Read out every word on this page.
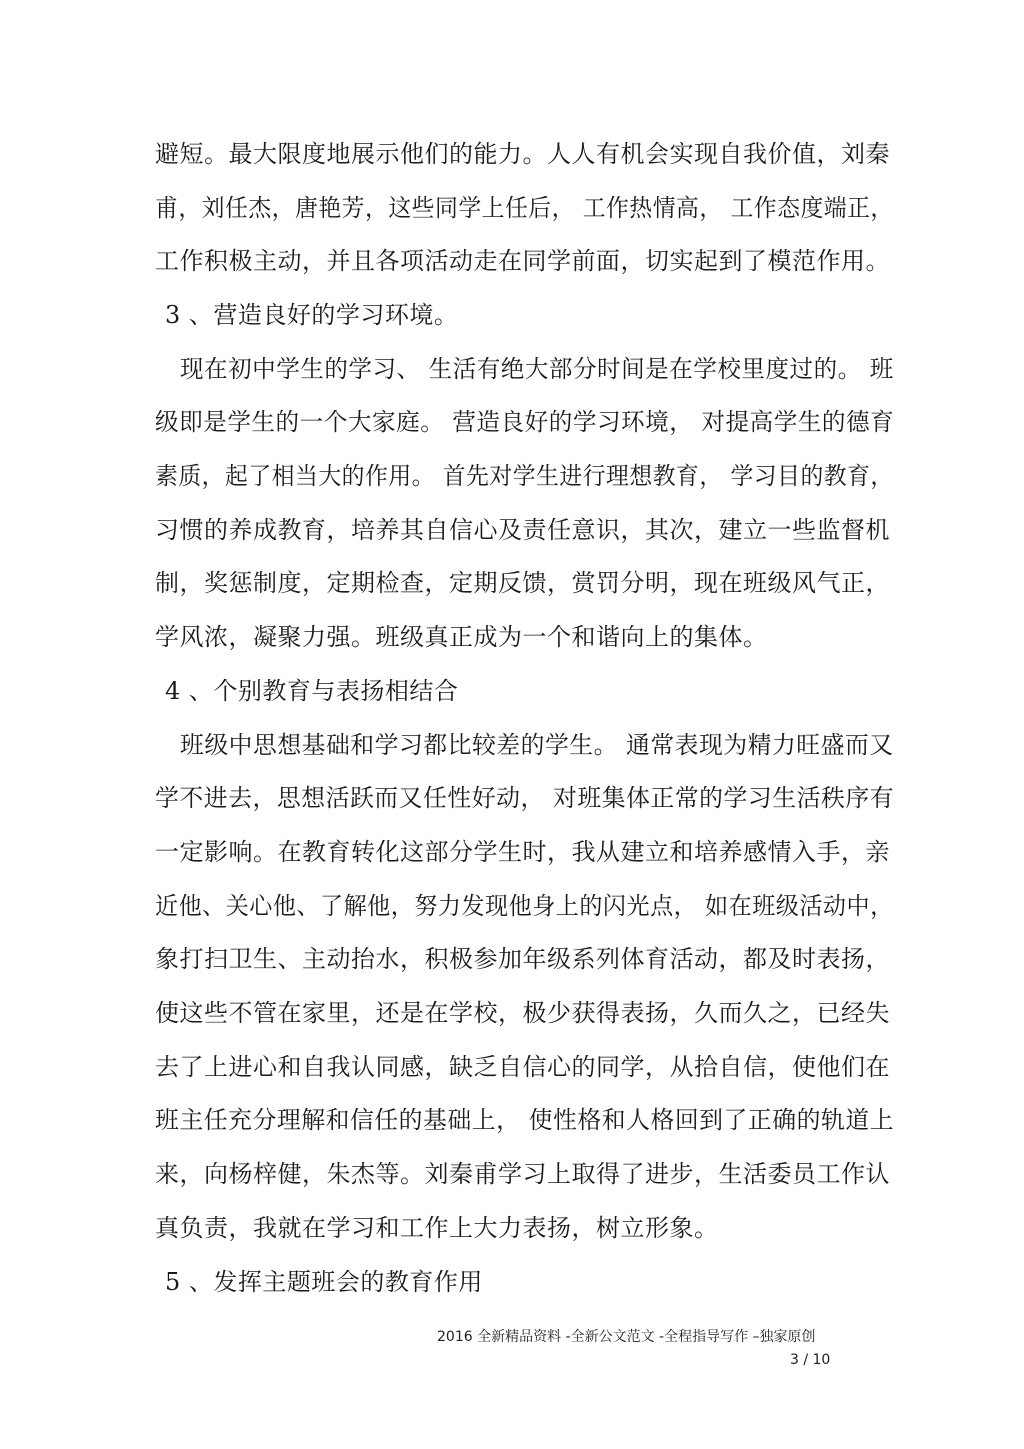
避短。最大限度地展示他们的能力。人人有机会实现自我价值，刘秦
甫，刘任杰，唐艳芳，这些同学上任后， 工作热情高， 工作态度端正，
工作积极主动，并且各项活动走在同学前面，切实起到了模范作用。
3 、营造良好的学习环境。
现在初中学生的学习、 生活有绝大部分时间是在学校里度过的。 班
级即是学生的一个大家庭。 营造良好的学习环境， 对提高学生的德育
素质，起了相当大的作用。 首先对学生进行理想教育， 学习目的教育，
习惯的养成教育，培养其自信心及责任意识，其次，建立一些监督机
制，奖惩制度，定期检查，定期反馈，赏罚分明，现在班级风气正，
学风浓，凝聚力强。班级真正成为一个和谐向上的集体。
4 、个别教育与表扬相结合
班级中思想基础和学习都比较差的学生。 通常表现为精力旺盛而又
学不进去，思想活跃而又任性好动， 对班集体正常的学习生活秩序有
一定影响。在教育转化这部分学生时，我从建立和培养感情入手，亲
近他、关心他、了解他，努力发现他身上的闪光点， 如在班级活动中，
象打扫卫生、主动抬水，积极参加年级系列体育活动，都及时表扬，
使这些不管在家里，还是在学校，极少获得表扬，久而久之，已经失
去了上进心和自我认同感，缺乏自信心的同学，从拾自信，使他们在
班主任充分理解和信任的基础上， 使性格和人格回到了正确的轨道上
来，向杨梓健，朱杰等。刘秦甫学习上取得了进步，生活委员工作认
真负责，我就在学习和工作上大力表扬，树立形象。
5 、发挥主题班会的教育作用
2016 全新精品资料 -全新公文范文 -全程指导写作 –独家原创
3 / 10
